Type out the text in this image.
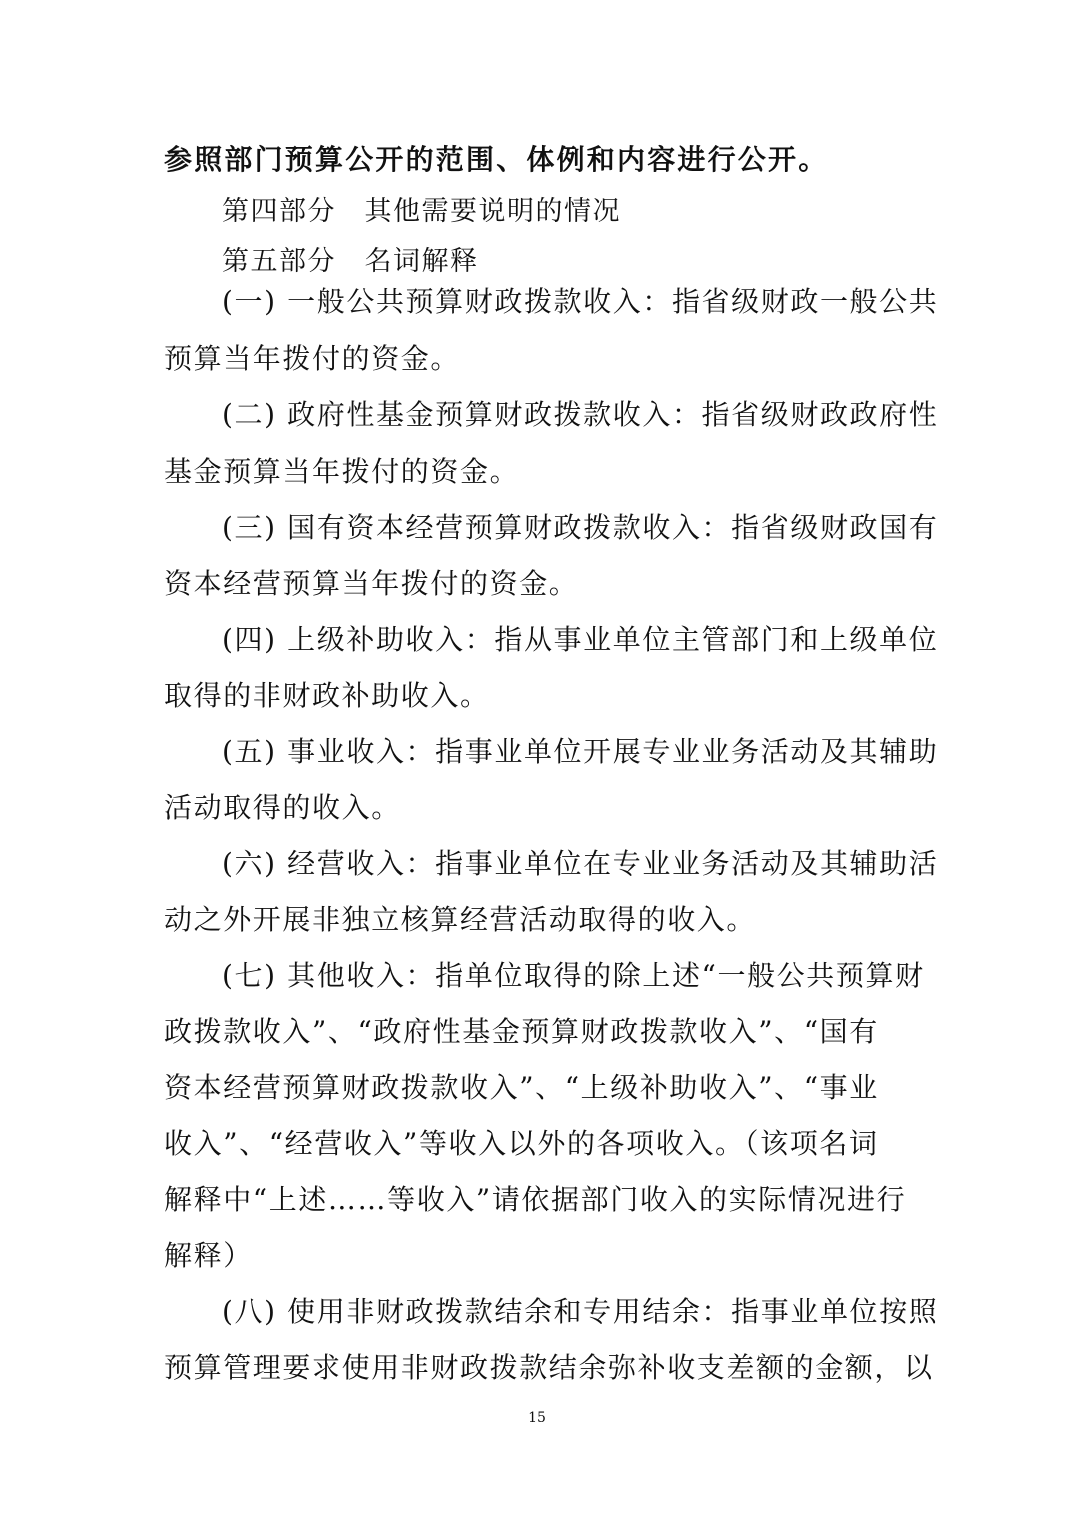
参照部门预算公开的范围、体例和内容进行公开。
第四部分　其他需要说明的情况
第五部分　名词解释
(一) 一般公共预算财政拨款收入：指省级财政一般公共
预算当年拨付的资金。
(二) 政府性基金预算财政拨款收入：指省级财政政府性
基金预算当年拨付的资金。
(三) 国有资本经营预算财政拨款收入：指省级财政国有
资本经营预算当年拨付的资金。
(四) 上级补助收入：指从事业单位主管部门和上级单位
取得的非财政补助收入。
(五) 事业收入：指事业单位开展专业业务活动及其辅助
活动取得的收入。
(六) 经营收入：指事业单位在专业业务活动及其辅助活
动之外开展非独立核算经营活动取得的收入。
(七) 其他收入：指单位取得的除上述“一般公共预算财
政拨款收入”、“政府性基金预算财政拨款收入”、“国有
资本经营预算财政拨款收入”、“上级补助收入”、“事业
收入”、“经营收入”等收入以外的各项收入。（该项名词
解释中“上述……等收入”请依据部门收入的实际情况进行
解释）
(八) 使用非财政拨款结余和专用结余：指事业单位按照
预算管理要求使用非财政拨款结余弥补收支差额的金额，以
15
